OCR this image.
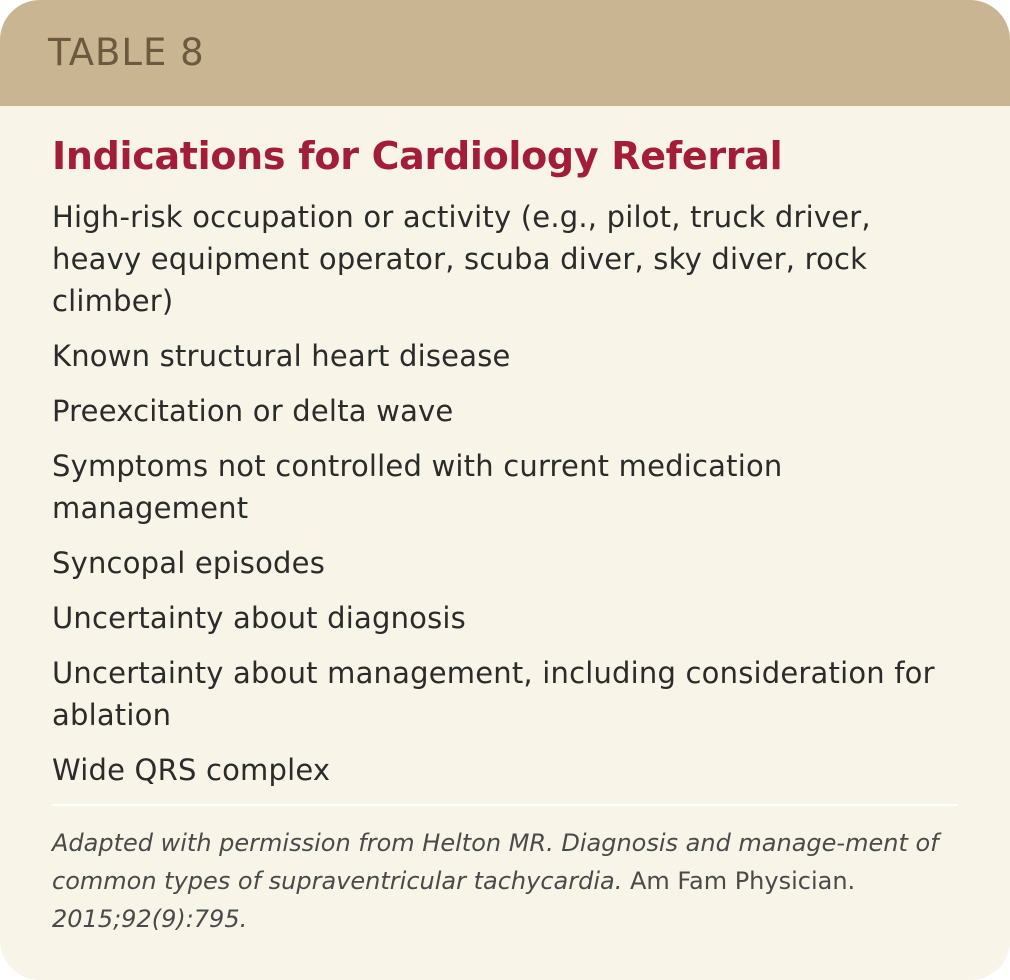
TABLE 8
Indications for Cardiology Referral
High-risk occupation or activity (e.g., pilot, truck driver, heavy equipment operator, scuba diver, sky diver, rock climber)
Known structural heart disease
Preexcitation or delta wave
Symptoms not controlled with current medication management
Syncopal episodes
Uncertainty about diagnosis
Uncertainty about management, including consideration for ablation
Wide QRS complex
Adapted with permission from Helton MR. Diagnosis and manage-ment of common types of supraventricular tachycardia. Am Fam Physician. 2015;92(9):795.
